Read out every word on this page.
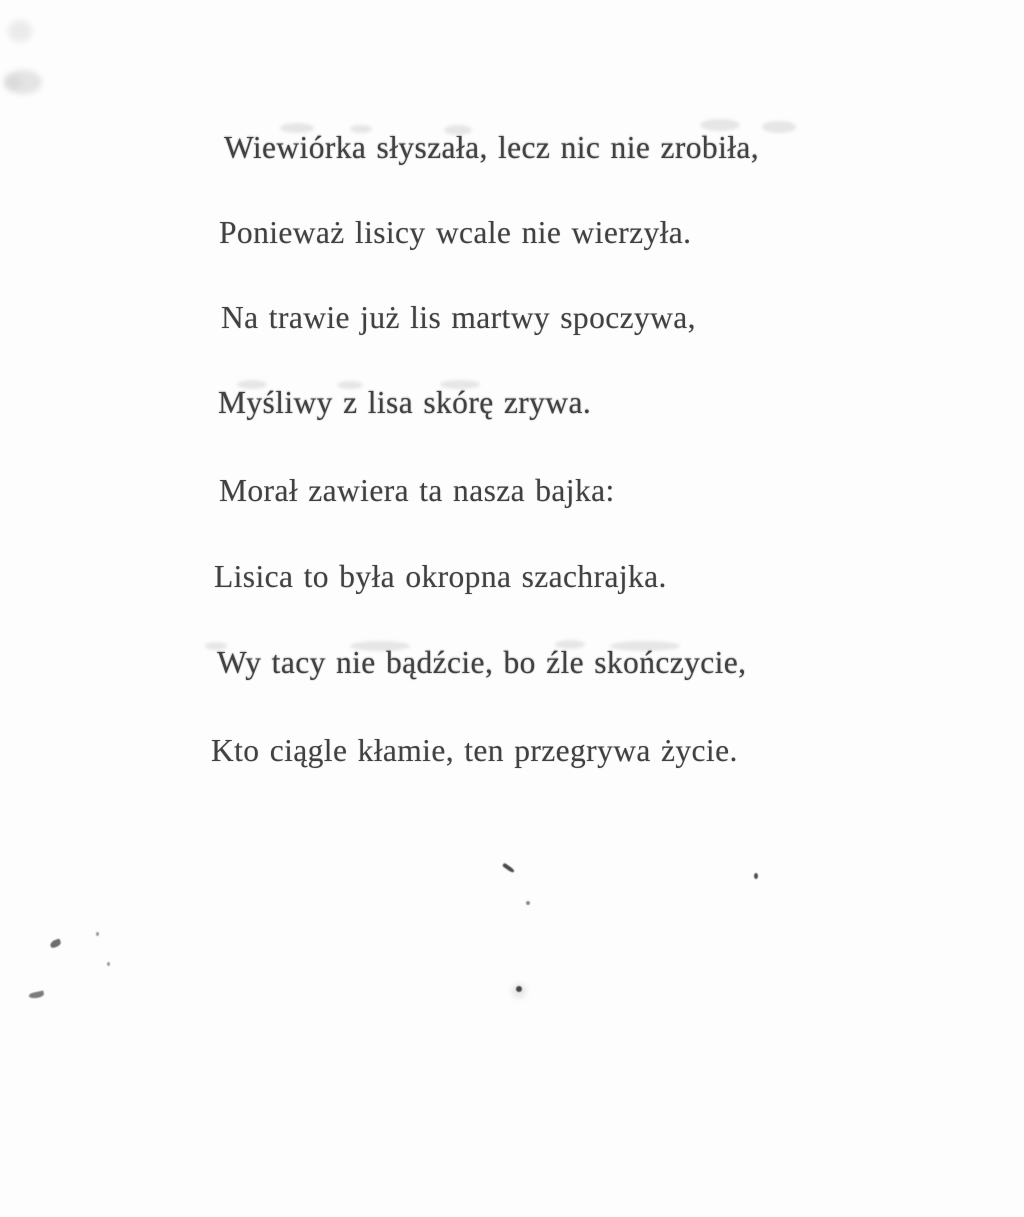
Wiewiórka słyszała, lecz nic nie zrobiła,
Ponieważ lisicy wcale nie wierzyła.
Na trawie już lis martwy spoczywa,
Myśliwy z lisa skórę zrywa.
Morał zawiera ta nasza bajka:
Lisica to była okropna szachrajka.
Wy tacy nie bądźcie, bo źle skończycie,
Kto ciągle kłamie, ten przegrywa życie.
